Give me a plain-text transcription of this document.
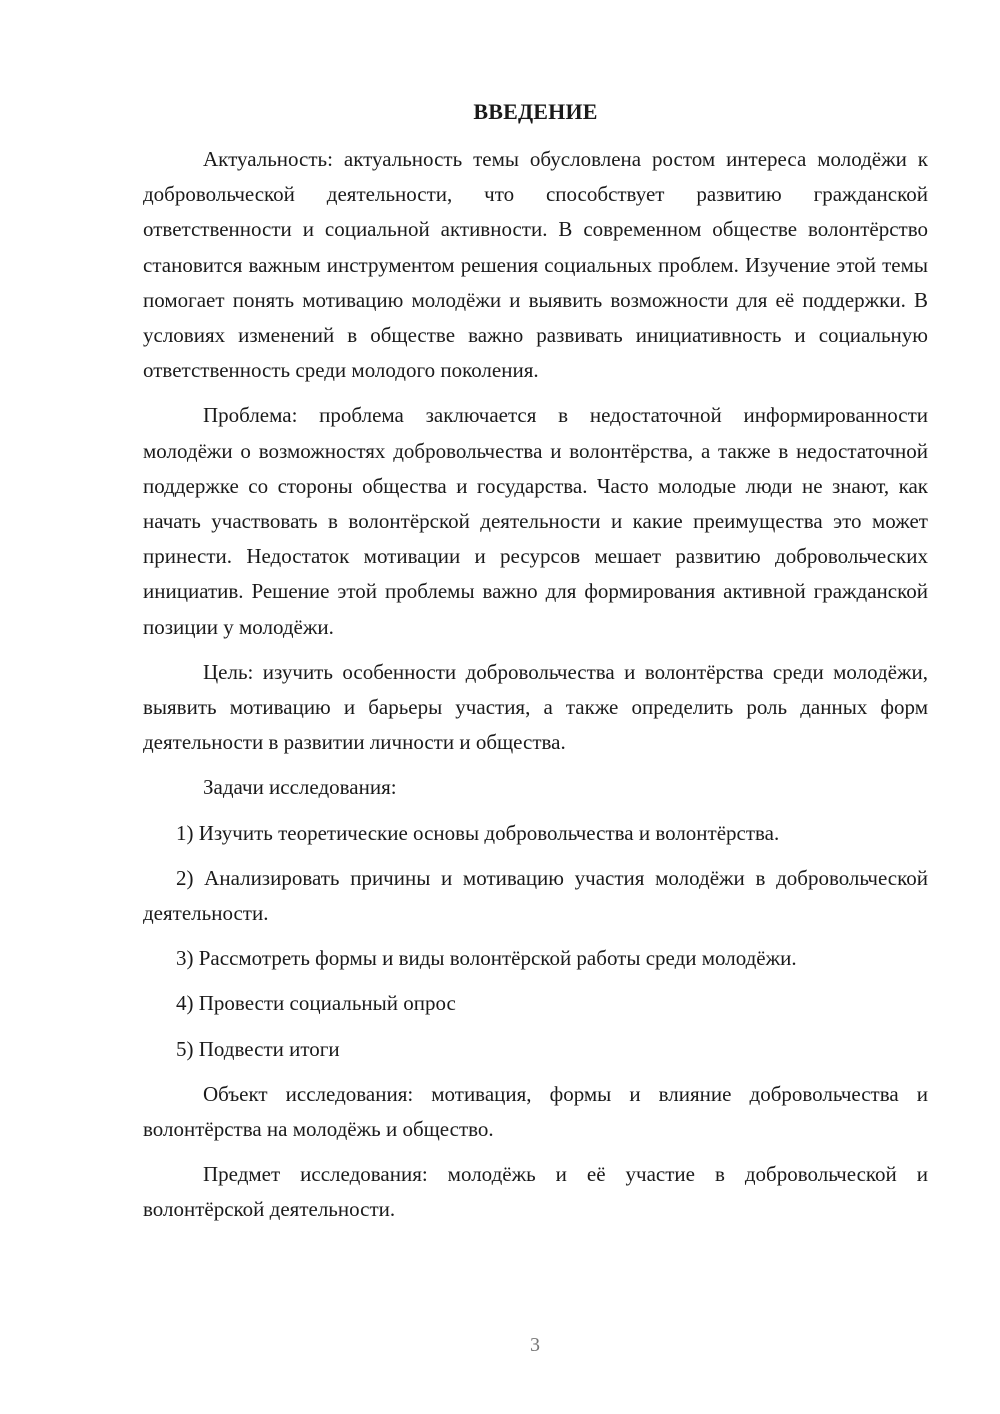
ВВЕДЕНИЕ

Актуальность: актуальность темы обусловлена ростом интереса молодёжи к добровольческой деятельности, что способствует развитию гражданской ответственности и социальной активности. В современном обществе волонтёрство становится важным инструментом решения социальных проблем. Изучение этой темы помогает понять мотивацию молодёжи и выявить возможности для её поддержки. В условиях изменений в обществе важно развивать инициативность и социальную ответственность среди молодого поколения.

Проблема: проблема заключается в недостаточной информированности молодёжи о возможностях добровольчества и волонтёрства, а также в недостаточной поддержке со стороны общества и государства. Часто молодые люди не знают, как начать участвовать в волонтёрской деятельности и какие преимущества это может принести. Недостаток мотивации и ресурсов мешает развитию добровольческих инициатив. Решение этой проблемы важно для формирования активной гражданской позиции у молодёжи.

Цель: изучить особенности добровольчества и волонтёрства среди молодёжи, выявить мотивацию и барьеры участия, а также определить роль данных форм деятельности в развитии личности и общества.

Задачи исследования:

1) Изучить теоретические основы добровольчества и волонтёрства.

2) Анализировать причины и мотивацию участия молодёжи в добровольческой деятельности.

3) Рассмотреть формы и виды волонтёрской работы среди молодёжи.

4) Провести социальный опрос

5) Подвести итоги

Объект исследования: мотивация, формы и влияние добровольчества и волонтёрства на молодёжь и общество.

Предмет исследования: молодёжь и её участие в добровольческой и волонтёрской деятельности.

3
